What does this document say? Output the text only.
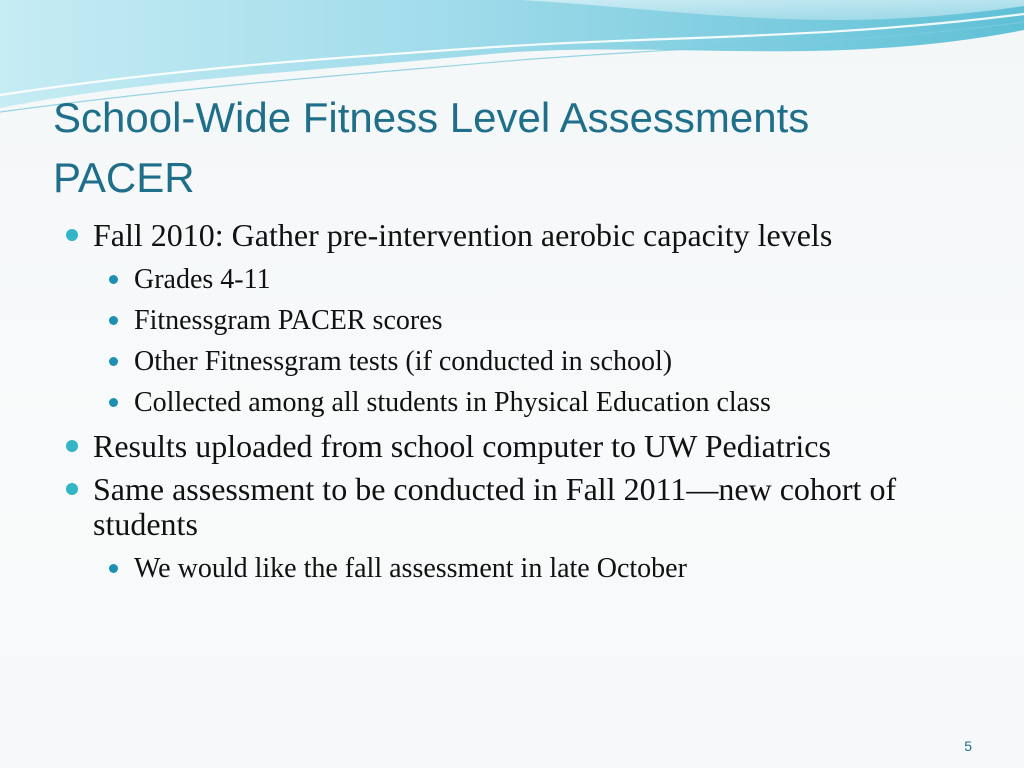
School-Wide Fitness Level Assessments
PACER
Fall 2010: Gather pre-intervention aerobic capacity levels
Grades 4-11
Fitnessgram PACER scores
Other Fitnessgram tests (if conducted in school)
Collected among all students in Physical Education class
Results uploaded from school computer to UW Pediatrics
Same assessment to be conducted in Fall 2011—new cohort of students
We would like the fall assessment in late October
5
